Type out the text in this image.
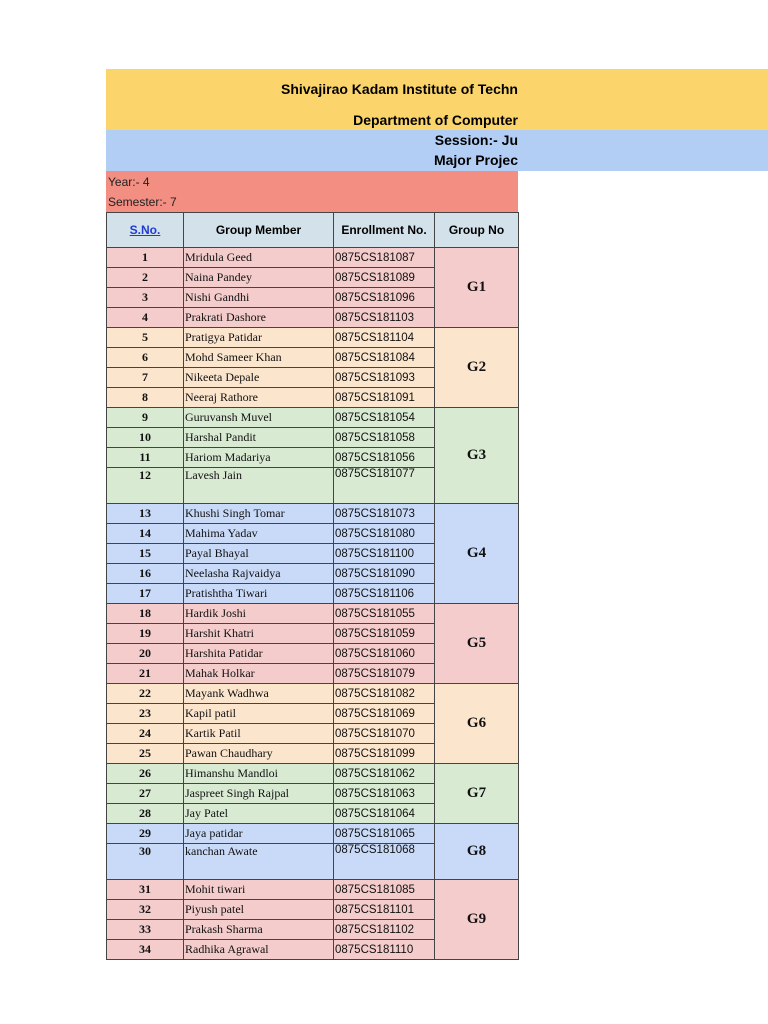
Shivajirao Kadam Institute of Techn
Department of Computer
Session:- Ju
Major Projec
Year:- 4
Semester:- 7
S.No.	Group Member	Enrollment No.	Group No
1	Mridula Geed	0875CS181087	G1
2	Naina Pandey	0875CS181089	
3	Nishi Gandhi	0875CS181096	
4	Prakrati Dashore	0875CS181103	
5	Pratigya Patidar	0875CS181104	G2
6	Mohd Sameer Khan	0875CS181084	
7	Nikeeta Depale	0875CS181093	
8	Neeraj Rathore	0875CS181091	
9	Guruvansh Muvel	0875CS181054	G3
10	Harshal Pandit	0875CS181058	
11	Hariom Madariya	0875CS181056	
12	Lavesh Jain	0875CS181077	
13	Khushi Singh Tomar	0875CS181073	G4
14	Mahima Yadav	0875CS181080	
15	Payal Bhayal	0875CS181100	
16	Neelasha Rajvaidya	0875CS181090	
17	Pratishtha Tiwari	0875CS181106	
18	Hardik Joshi	0875CS181055	G5
19	Harshit Khatri	0875CS181059	
20	Harshita Patidar	0875CS181060	
21	Mahak Holkar	0875CS181079	
22	Mayank Wadhwa	0875CS181082	G6
23	Kapil patil	0875CS181069	
24	Kartik Patil	0875CS181070	
25	Pawan Chaudhary	0875CS181099	
26	Himanshu Mandloi	0875CS181062	G7
27	Jaspreet Singh Rajpal	0875CS181063	
28	Jay Patel	0875CS181064	
29	Jaya patidar	0875CS181065	G8
30	kanchan Awate	0875CS181068	
31	Mohit tiwari	0875CS181085	G9
32	Piyush patel	0875CS181101	
33	Prakash Sharma	0875CS181102	
34	Radhika Agrawal	0875CS181110	
